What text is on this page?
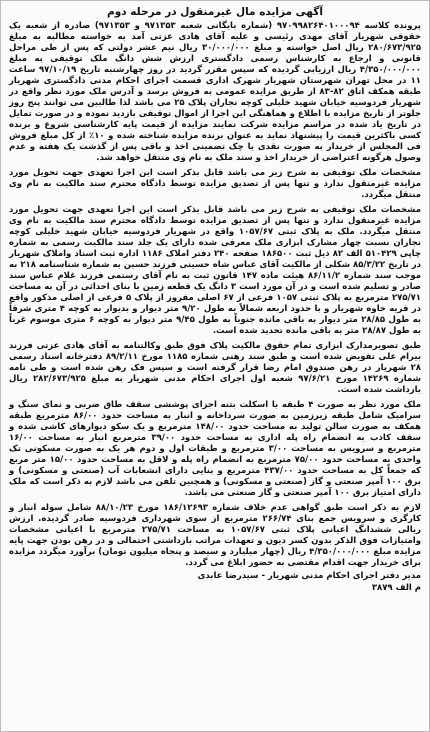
آگهی مزایده مال غیرمنقول در مرحله دوم

پرونده کلاسه ۹۷۰۹۹۸۲۶۴۰۱۰۰۰۹۴ (شماره بایگانی شعبه ۹۷۱۳۵۳ و ۹۷۱۳۵۳) صادره از شعبه یک حقوقی شهریار آقای مهدی رئیسی و علیه آقای هادی عزتی آمد به خواسته مطالبه به مبلغ ۲۸۰/۶۷۳/۹۲۵ ریال اصل خواسته و مبلغ ۳۰/۰۰۰/۰۰۰ ریال نیم عشر دولتی که پس از طی مراحل قانونی و ارجاع به کارشناس رسمی دادگستری ارزش شش دانگ ملک توقیفی به مبلغ ۴/۳۵۰/۰۰۰/۰۰۰ ریال ارزیابی گردیده که سپس مقرر گردید در روز چهارشنبه تاریخ ۹۷/۱۰/۱۹ ساعت ۱۱ در محل تهران شهرستان شهریار شهرک اداری قسمت اجرای احکام مدنی دادگستری شهریار طبقه همکف اتاق ۸۲-۸۳ از طریق مزایده عمومی به فروش برسد و آدرس ملک مورد نظر واقع در شهریار فردوسیه خیابان شهید خلیلی کوچه نجاران پلاک ۲۵ می باشد لذا طالبین می توانند پنج روز جلوتر از تاریخ مزایده با اطلاع و هماهنگی این اجرا از اموال توقیفی بازدید نموده و در صورت تمایل در تاریخ یاد شده در مراسم مزایده شرکت نمایند مزایده از قیمت پایه کارشناسی شروع و برنده کسی باکثرین قیمت را پیشنهاد نماید به عنوان برنده مزایده شناخته شده و ۱۰٪ از کل مبلغ فروش فی المجلس از خریدار به صورت نقدی یا چک تضمینی اخذ و باقی پس از گذشت یک هفته و عدم وصول هرگونه اعتراضی از خریدار اخذ و سند ملک به نام وی منتقل خواهد شد.

مشخصات ملک توقیفی به شرح زیر می باشد قابل بذکر است این اجرا تعهدی جهت تحویل مورد مزایده غیرمنقول ندارد و تنها پس از تصدیق مزایده توسط دادگاه محترم سند مالکیت به نام وی منتقل میگردد.

مشخصات ملک توقیفی به شرح زیر می باشد قابل بذکر است این اجرا تعهدی جهت تحویل مورد مزایده غیرمنقول ندارد و تنها پس از تصدیق مزایده توسط دادگاه محترم سند مالکیت به نام وی منتقل میگردد. ملک به پلاک ثبتی ۱۰۵۷/۶۷ واقع در شهریار فردوسیه خیابان شهید خلیلی کوچه نجاران نسبت چهار مشارک ابزاری ملک معرفی شده دارای یک جلد سند مالکیت رسمی به شماره چاپی ۵۱۰۴۲۹ الف ۸۲ ذیل ثبت ۱۸۶۵۰۰ صفحه ۲۴۰ دفتر املاک ۱۱۸۶ اداره ثبت اسناد واملاک شهریار در تاریخ ۸۵/۳/۲۲ شکلی از مالکیت آقای عباس شاه حسینی فرزند حسین به شماره شناسنامه ۲۱۸ به موجب سند شماره ۸۶/۱۱/۲ هیئت ماده ۱۴۷ قانون ثبت به نام آقای رستمی فرزند غلام عباس سند صادر و تسلیم شده است و در آن مورد است ۳ دانگ یک قطعه زمین با بنای احداثی در آن به مساحت ۲۷۵/۷۱ مترمربع به پلاک ثبتی ۱۰۵۷ فرعی از ۶۷ اصلی مفروز از پلاک ۵ فرعی از اصلی مذکور واقع در قریه خاوه شهریار و با حدود اربعه شمالاً به طول ۹/۲۰ متر دیوار و بدیوار به کوچه ۴ متری شرقاً به طول ۲۸/۸۵ متر دیوار به باقی مانده جنوباً به طول ۹/۴۵ متر دیوار به کوچه ۶ متری موسوم غرباً به طول ۲۸/۸۷ متر به باقی مانده تحدید شده است.

طبق تصویرمدارک ابزاری تمام حقوق مالکیت پلاک فوق طبق وکالتنامه به آقای هادی عزتی فرزند بیرام علی تفویض شده است و طبق سند رهنی شماره ۱۱۸۵ مورخ ۸۹/۲/۱۱ دفترخانه اسناد رسمی ۲۸ شهریار در رهن صندوق امام رضا قرار گرفته است و سپس فک رهن شده است و طی نامه شماره ۱۴۲۶۹ مورخ ۹۷/۶/۲۱ شعبه اول اجرای احکام مدنی شهریار به مبلغ ۲۸۲/۶۷۳/۹۲۵ ریال بازداشت شده است.

ملک مورد نظر به صورت ۴ طبقه با اسکلت بتنه اجزای پوششی سقف طاق ضربی و نمای سنگ و سرامیک شامل طبقه زیرزمین به صورت سرداخانه و انبار به مساحت حدود ۸۶/۰۰ مترمربع طبقه همکف به صورت سالن تولید به مساحت حدود ۱۴۸/۰۰ مترمربع و یک سکو دیوارهای کاشی شده و سقف کاذب به انضمام راه پله اداری به مساحت حدود ۳۹/۰۰ مترمربع انبار به مساحت ۱۶/۰۰ مترمربع و سرویس به مساحت ۳/۰۰ مترمربع و طبقات اول و دوم هر یک به صورت مسکونی تک واحدی به مساحت حدود ۷۵/۰۰ مترمربع به انضمام راه پله و لاقل به مساحت حدود ۱۵/۰۰ متر مربع که جمعاً کل به مساحت حدود ۴۳۷/۰۰ مترمربع و بنایی دارای انشعابات آب (صنعتی و مسکونی) و برق ۱۰۰ آمپر صنعتی و گاز (صنعتی و مسکونی) و همچنین تلفن می باشد لازم به ذکر است که ملک دارای امتیاز برق ۱۰۰ آمپر صنعتی و گاز صنعتی می باشد.

لازم به ذکر است طبق گواهی عدم خلاف شماره ۱۸۶/۱۲۶۹۳ مورخ ۸۸/۱۰/۲۳ شامل سوله انبار و کارگری و سرویس جمع بنای ۲۶۶/۷۴ مترمربع از سوی شهرداری فردوسیه صادر گردیده. ارزش ریالی ششدانگ اعیانی پلاک ثبتی ۱۰۵۷/۶۷ به مساحت ۲۷۵/۷۱ مترمربع با اعیانی مشخصات وامتیازات فوق الذکر بدون کسر دیون و تعهدات مراتب بازداشتی احتمالی و در رهن بودن جهت پایه مزایده مبلغ ۴/۳۵۰/۰۰۰/۰۰۰ ریال (چهار میلیارد و سیصد و پنجاه میلیون تومان) برآورد میگردد مزایده برای خریدار جهت اقدام مقتضی به حضور ابلاغ می گردد.

مدیر دفتر اجرای احکام مدنی شهریار - سیدرضا عابدی
م الف ۳۸۷۹
